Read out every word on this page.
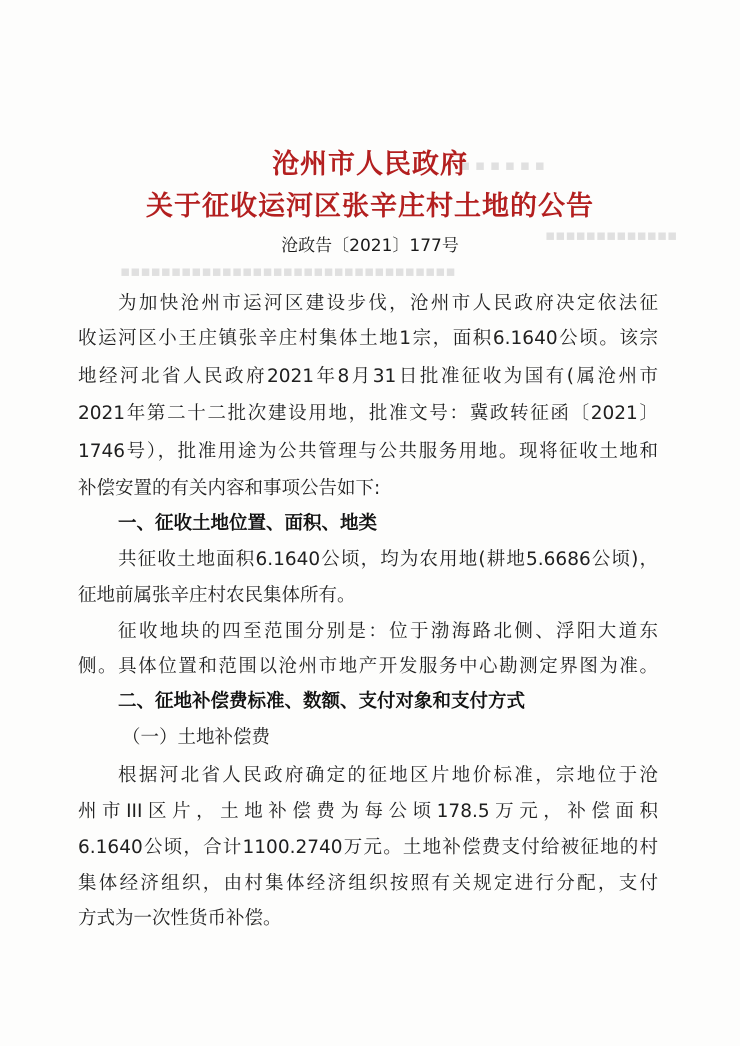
▪ ▪ ▪ ▪ ▪ ▪
▪▪▪▪▪▪▪▪▪▪▪▪▪
▪▪▪▪▪▪▪▪▪▪▪▪▪▪▪▪▪▪▪▪▪▪▪▪▪▪▪▪▪▪▪▪▪
沧州市人民政府
关于征收运河区张辛庄村土地的公告
沧政告〔2021〕177号
为加快沧州市运河区建设步伐，沧州市人民政府决定依法征
收运河区小王庄镇张辛庄村集体土地1宗，面积6.1640公顷。该宗
地经河北省人民政府2021年8月31日批准征收为国有(属沧州市
2021年第二十二批次建设用地，批准文号：冀政转征函〔2021〕
1746号），批准用途为公共管理与公共服务用地。现将征收土地和
补偿安置的有关内容和事项公告如下:
一、征收土地位置、面积、地类
共征收土地面积6.1640公顷，均为农用地(耕地5.6686公顷)，
征地前属张辛庄村农民集体所有。
征收地块的四至范围分别是：位于渤海路北侧、浮阳大道东
侧。具体位置和范围以沧州市地产开发服务中心勘测定界图为准。
二、征地补偿费标准、数额、支付对象和支付方式
（一）土地补偿费
根据河北省人民政府确定的征地区片地价标准，宗地位于沧
州市III区片，土地补偿费为每公顷178.5万元，补偿面积
6.1640公顷，合计1100.2740万元。土地补偿费支付给被征地的村
集体经济组织，由村集体经济组织按照有关规定进行分配，支付
方式为一次性货币补偿。
